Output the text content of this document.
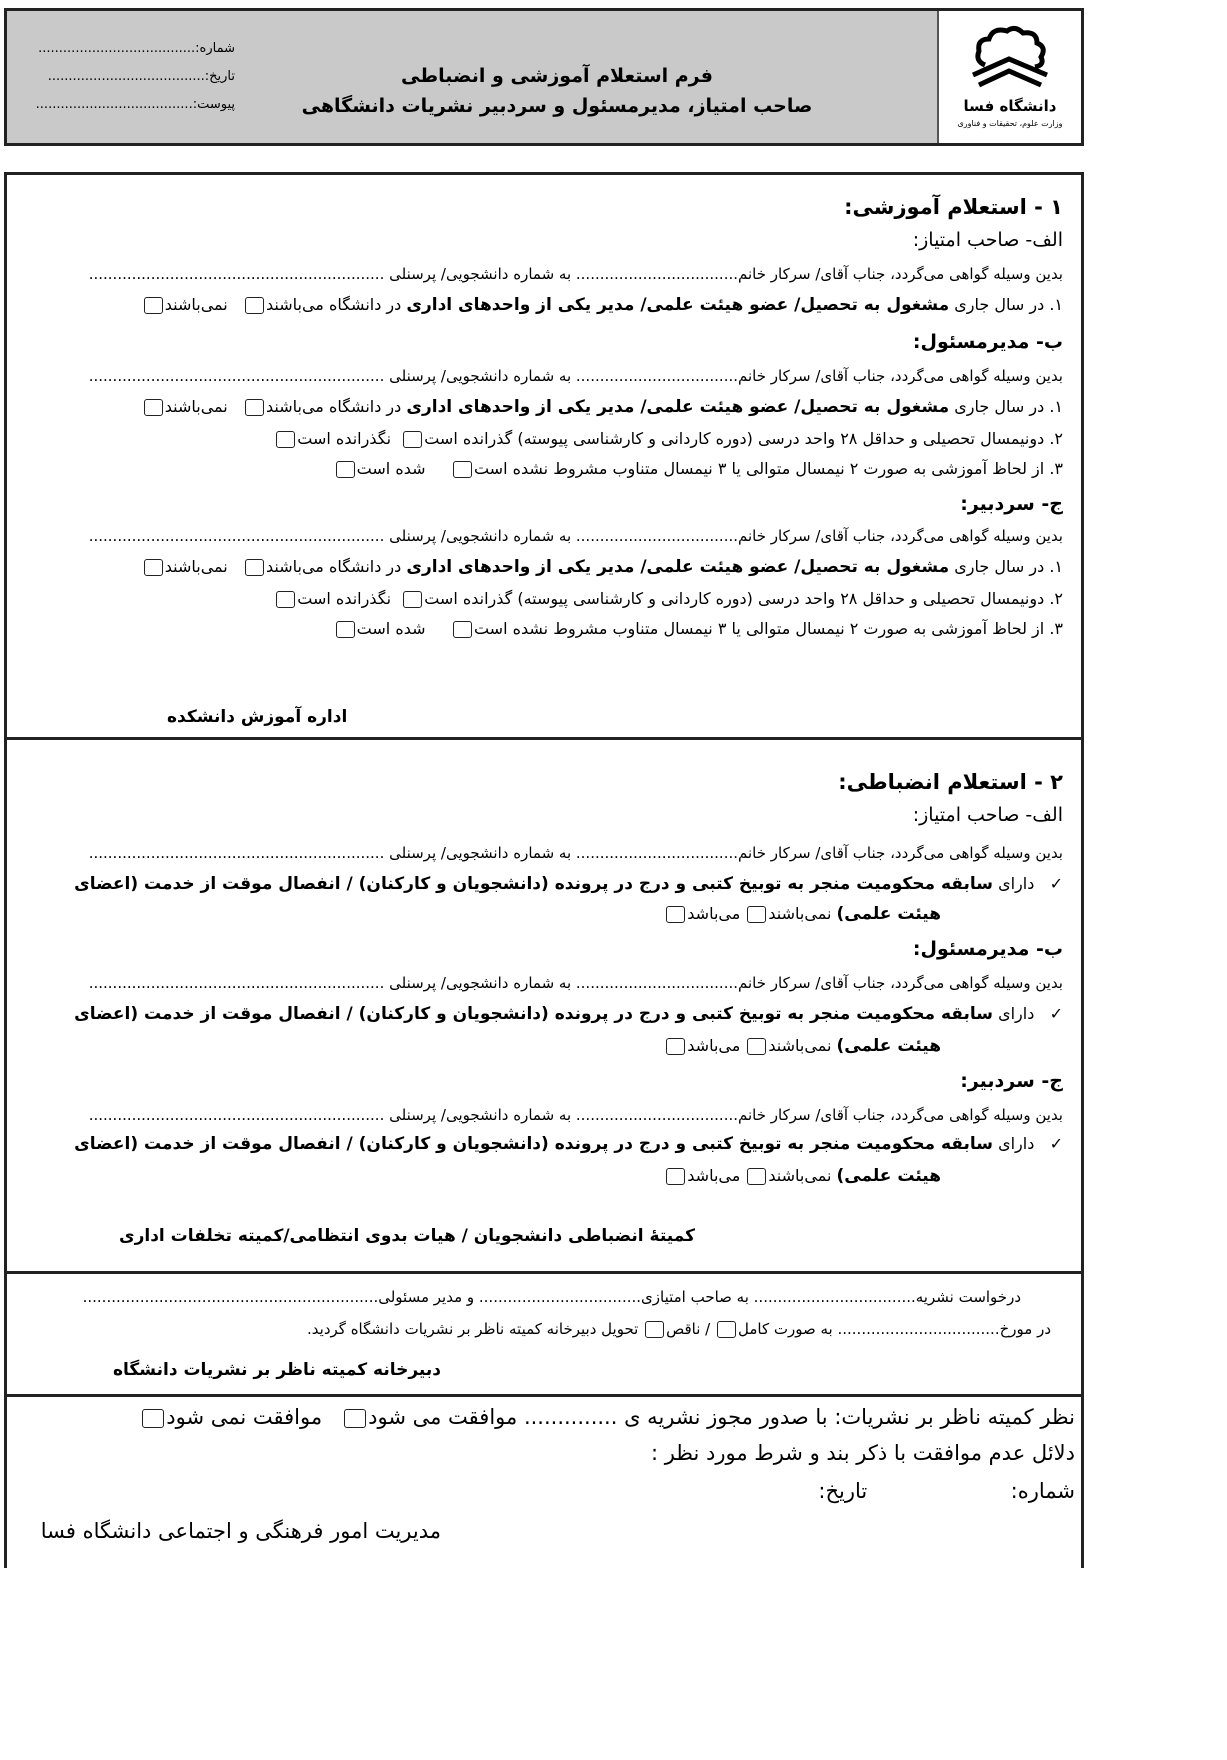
دانشگاه فسا
وزارت علوم، تحقیقات و فناوری
فرم استعلام آموزشی و انضباطی
صاحب امتیاز، مدیرمسئول و سردبیر نشریات دانشگاهی
شماره:......................................
تاریخ:......................................
پیوست:......................................
۱ - استعلام آموزشی:
الف- صاحب امتیاز:
بدین وسیله گواهی می‌گردد، جناب آقای/ سرکار خانم.................................. به شماره دانشجویی/ پرسنلی ..............................................................
۱. در سال جاری مشغول به تحصیل/ عضو هیئت علمی/ مدیر یکی از واحدهای اداری در دانشگاه می‌باشند   نمی‌باشند
ب- مدیرمسئول:
بدین وسیله گواهی می‌گردد، جناب آقای/ سرکار خانم.................................. به شماره دانشجویی/ پرسنلی ..............................................................
۱. در سال جاری مشغول به تحصیل/ عضو هیئت علمی/ مدیر یکی از واحدهای اداری در دانشگاه می‌باشند   نمی‌باشند
۲. دونیمسال تحصیلی و حداقل ۲۸ واحد درسی (دوره کاردانی و کارشناسی پیوسته) گذرانده است  نگذرانده است
۳. از لحاظ آموزشی به صورت ۲ نیمسال متوالی یا ۳ نیمسال متناوب مشروط نشده است     شده است
ج- سردبیر:
بدین وسیله گواهی می‌گردد، جناب آقای/ سرکار خانم.................................. به شماره دانشجویی/ پرسنلی ..............................................................
۱. در سال جاری مشغول به تحصیل/ عضو هیئت علمی/ مدیر یکی از واحدهای اداری در دانشگاه می‌باشند   نمی‌باشند
۲. دونیمسال تحصیلی و حداقل ۲۸ واحد درسی (دوره کاردانی و کارشناسی پیوسته) گذرانده است  نگذرانده است
۳. از لحاظ آموزشی به صورت ۲ نیمسال متوالی یا ۳ نیمسال متناوب مشروط نشده است     شده است
اداره آموزش دانشکده
۲ - استعلام انضباطی:
الف- صاحب امتیاز:
بدین وسیله گواهی می‌گردد، جناب آقای/ سرکار خانم.................................. به شماره دانشجویی/ پرسنلی ..............................................................
✓   دارای سابقه محکومیت منجر به توبیخ کتبی و درج در پرونده (دانشجویان و کارکنان) / انفصال موقت از خدمت (اعضای
هیئت علمی) نمی‌باشند می‌باشد
ب- مدیرمسئول:
بدین وسیله گواهی می‌گردد، جناب آقای/ سرکار خانم.................................. به شماره دانشجویی/ پرسنلی ..............................................................
✓   دارای سابقه محکومیت منجر به توبیخ کتبی و درج در پرونده (دانشجویان و کارکنان) / انفصال موقت از خدمت (اعضای
هیئت علمی) نمی‌باشند می‌باشد
ج- سردبیر:
بدین وسیله گواهی می‌گردد، جناب آقای/ سرکار خانم.................................. به شماره دانشجویی/ پرسنلی ..............................................................
✓   دارای سابقه محکومیت منجر به توبیخ کتبی و درج در پرونده (دانشجویان و کارکنان) / انفصال موقت از خدمت (اعضای
هیئت علمی) نمی‌باشند می‌باشد
کمیتهٔ انضباطی دانشجویان / هیات بدوی انتظامی/کمیته تخلفات اداری
درخواست نشریه.................................. به صاحب امتیازی.................................. و مدیر مسئولی..............................................................
در مورخ.................................. به صورت کامل / ناقص تحویل دبیرخانه کمیته ناظر بر نشریات دانشگاه گردید.
دبیرخانه کمیته ناظر بر نشریات دانشگاه
نظر کمیته ناظر بر نشریات: با صدور مجوز نشریه ی .............. موافقت می شود   موافقت نمی شود
دلائل عدم موافقت با ذکر بند و شرط مورد نظر :
شماره:  تاریخ:
مدیریت امور فرهنگی و اجتماعی دانشگاه فسا
